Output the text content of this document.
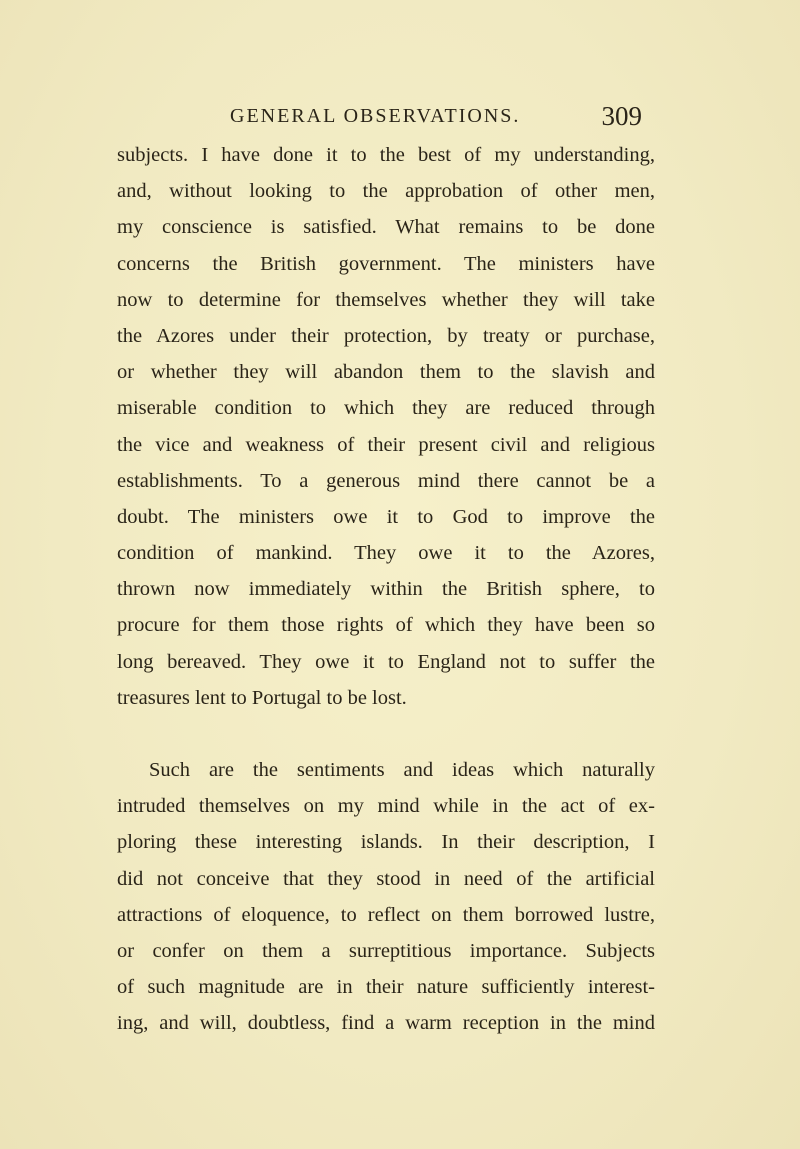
GENERAL OBSERVATIONS.	309
subjects. I have done it to the best of my understanding,
and, without looking to the approbation of other men,
my conscience is satisfied. What remains to be done
concerns the British government. The ministers have
now to determine for themselves whether they will take
the Azores under their protection, by treaty or purchase,
or whether they will abandon them to the slavish and
miserable condition to which they are reduced through
the vice and weakness of their present civil and religious
establishments. To a generous mind there cannot be a
doubt. The ministers owe it to God to improve the
condition of mankind. They owe it to the Azores,
thrown now immediately within the British sphere, to
procure for them those rights of which they have been so
long bereaved. They owe it to England not to suffer the
treasures lent to Portugal to be lost.
Such are the sentiments and ideas which naturally
intruded themselves on my mind while in the act of ex-
ploring these interesting islands. In their description, I
did not conceive that they stood in need of the artificial
attractions of eloquence, to reflect on them borrowed lustre,
or confer on them a surreptitious importance. Subjects
of such magnitude are in their nature sufficiently interest-
ing, and will, doubtless, find a warm reception in the mind
